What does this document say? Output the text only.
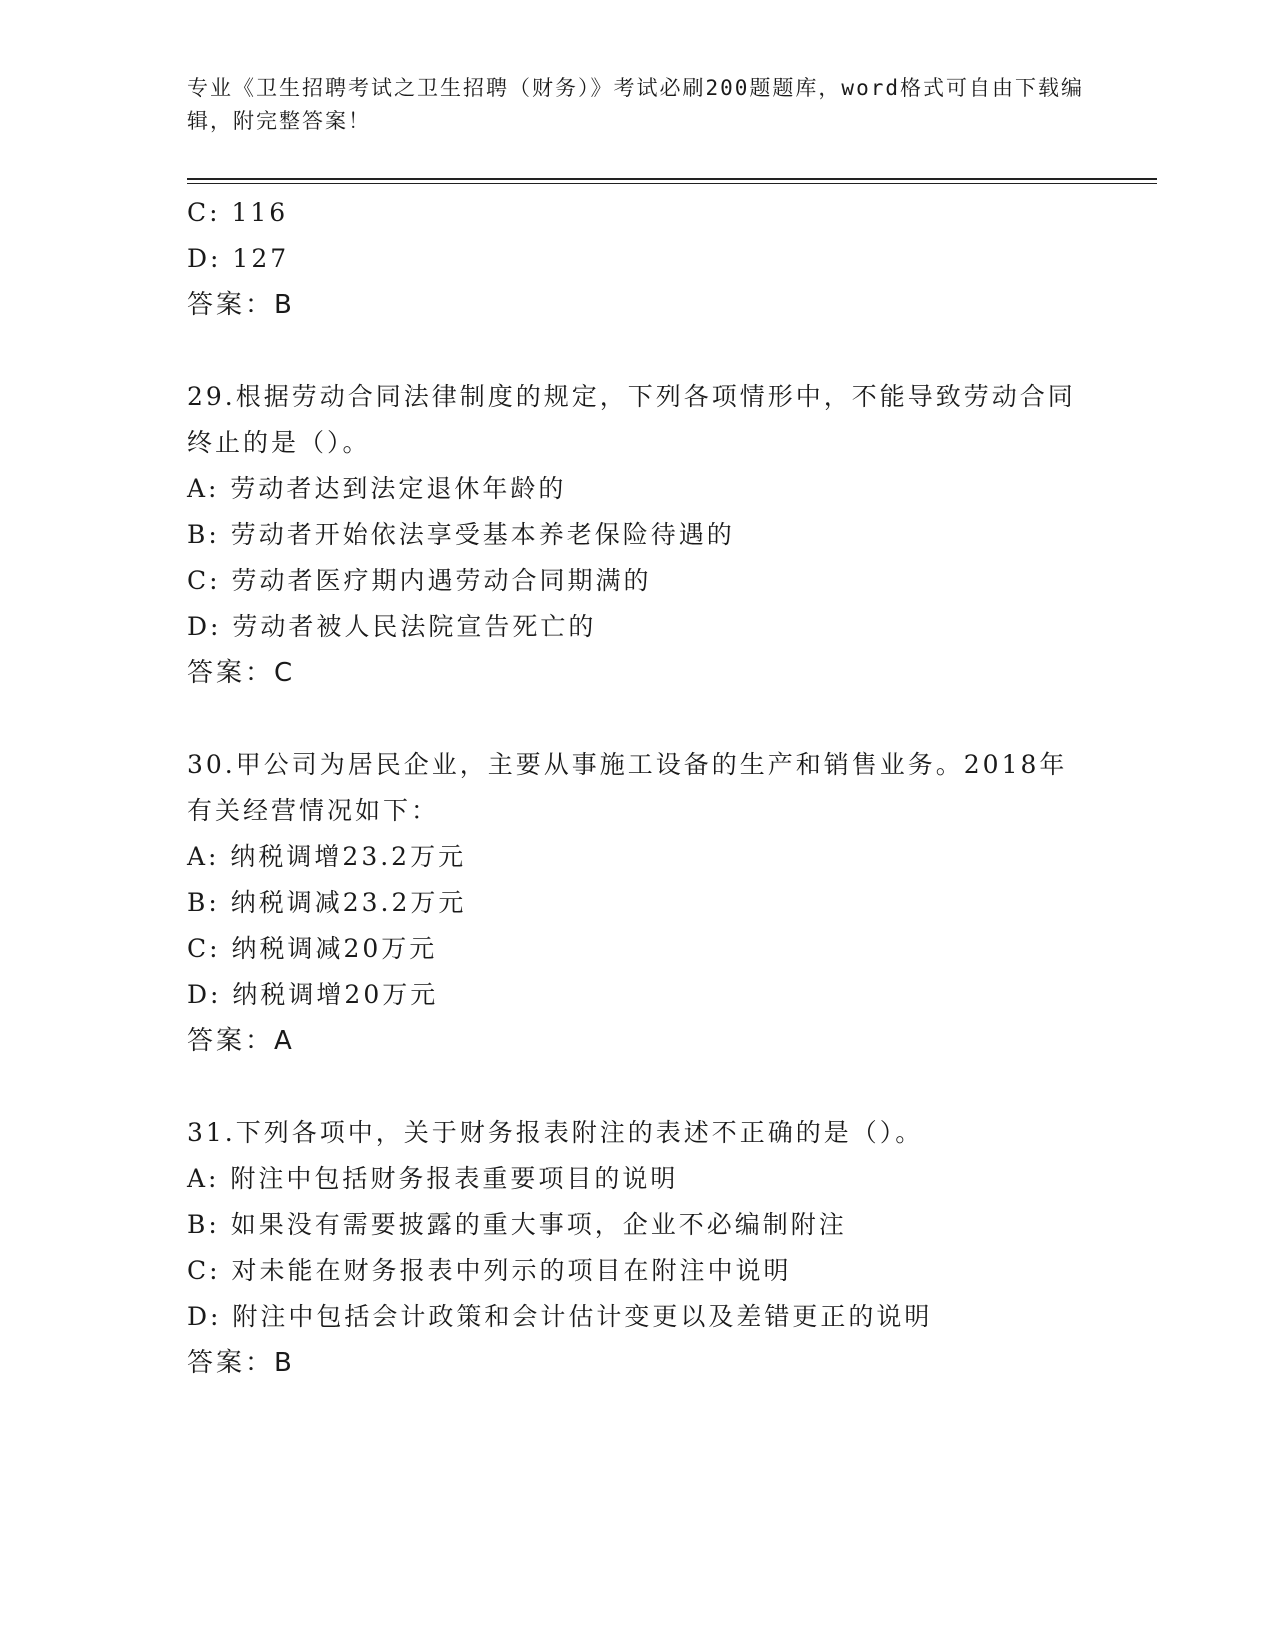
专业《卫生招聘考试之卫生招聘（财务）》考试必刷200题题库，word格式可自由下载编辑，附完整答案！
C: 116
D: 127
答案：B
29.根据劳动合同法律制度的规定，下列各项情形中，不能导致劳动合同终止的是（）。
A: 劳动者达到法定退休年龄的
B: 劳动者开始依法享受基本养老保险待遇的
C: 劳动者医疗期内遇劳动合同期满的
D: 劳动者被人民法院宣告死亡的
答案：C
30.甲公司为居民企业，主要从事施工设备的生产和销售业务。2018年有关经营情况如下：
A: 纳税调增23.2万元
B: 纳税调减23.2万元
C: 纳税调减20万元
D: 纳税调增20万元
答案：A
31.下列各项中，关于财务报表附注的表述不正确的是（）。
A: 附注中包括财务报表重要项目的说明
B: 如果没有需要披露的重大事项，企业不必编制附注
C: 对未能在财务报表中列示的项目在附注中说明
D: 附注中包括会计政策和会计估计变更以及差错更正的说明
答案：B
